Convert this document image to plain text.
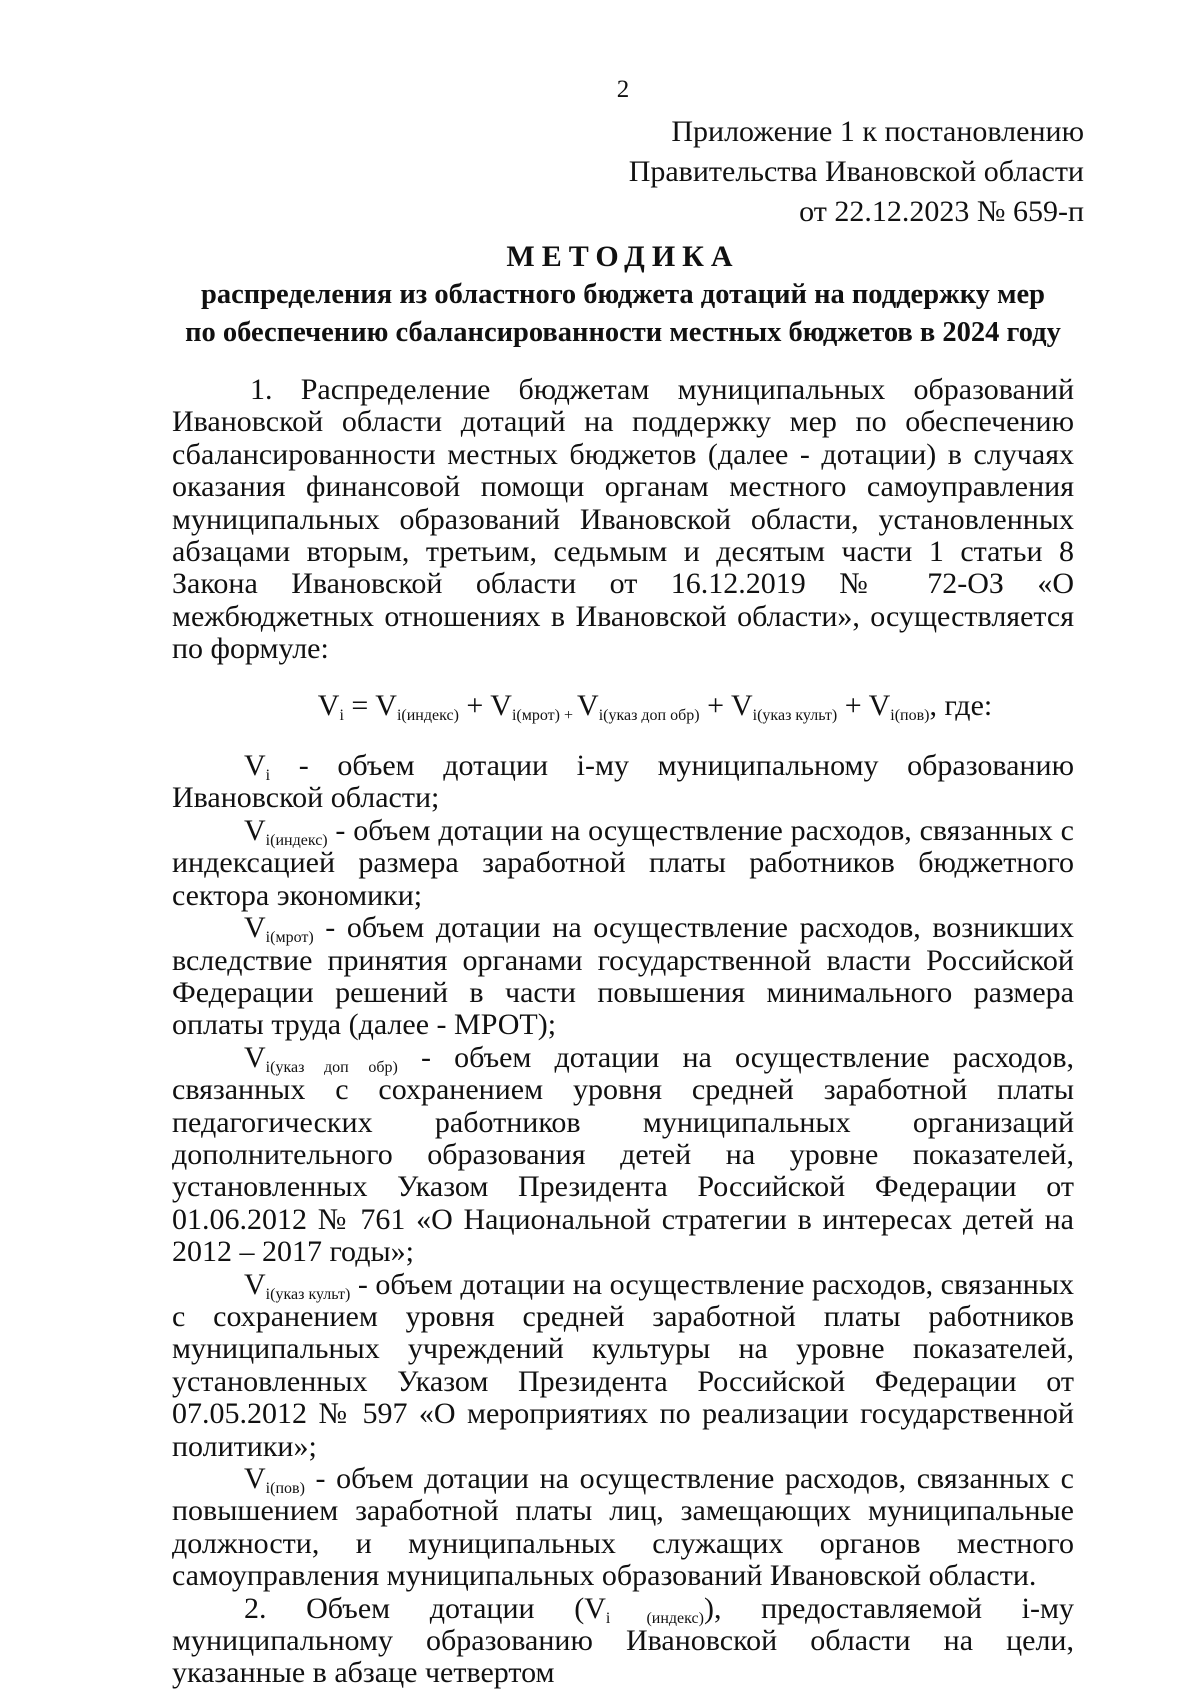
2
Приложение 1 к постановлению
Правительства Ивановской области
от 22.12.2023 № 659-п
МЕТОДИКА
распределения из областного бюджета дотаций на поддержку мер
по обеспечению сбалансированности местных бюджетов в 2024 году

1. Распределение бюджетам муниципальных образований Ивановской области дотаций на поддержку мер по обеспечению сбалансированности местных бюджетов (далее - дотации) в случаях оказания финансовой помощи органам местного самоуправления муниципальных образований Ивановской области, установленных абзацами вторым, третьим, седьмым и десятым части 1 статьи 8 Закона Ивановской области от 16.12.2019 № 72-ОЗ «О межбюджетных отношениях в Ивановской области», осуществляется по формуле:

$V_i = V_{i(индекс)} + V_{i(мрот)}$ $_+$ $V_{i(указ доп обр)} + V_{i(указ культ)} + V_{i(пов)}$, где:

$V_i$ - объем дотации i-му муниципальному образованию Ивановской области;

$V_{i(индекс)}$ - объем дотации на осуществление расходов, связанных с индексацией размера заработной платы работников бюджетного сектора экономики;

$V_{i(мрот)}$ - объем дотации на осуществление расходов, возникших вследствие принятия органами государственной власти Российской Федерации решений в части повышения минимального размера оплаты труда (далее - МРОТ);

$V_{i(указ доп обр)}$ - объем дотации на осуществление расходов, связанных с сохранением уровня средней заработной платы педагогических работников муниципальных организаций дополнительного образования детей на уровне показателей, установленных Указом Президента Российской Федерации от 01.06.2012 № 761 «О Национальной стратегии в интересах детей на 2012 – 2017 годы»;

$V_{i(указ культ)}$ - объем дотации на осуществление расходов, связанных с сохранением уровня средней заработной платы работников муниципальных учреждений культуры на уровне показателей, установленных Указом Президента Российской Федерации от 07.05.2012 № 597 «О мероприятиях по реализации государственной политики»;

$V_{i(пов)}$ - объем дотации на осуществление расходов, связанных с повышением заработной платы лиц, замещающих муниципальные должности, и муниципальных служащих органов местного самоуправления муниципальных образований Ивановской области.

2. Объем дотации $(V_{i (индекс)})$, предоставляемой i-му муниципальному образованию Ивановской области на цели, указанные в абзаце четвертом
